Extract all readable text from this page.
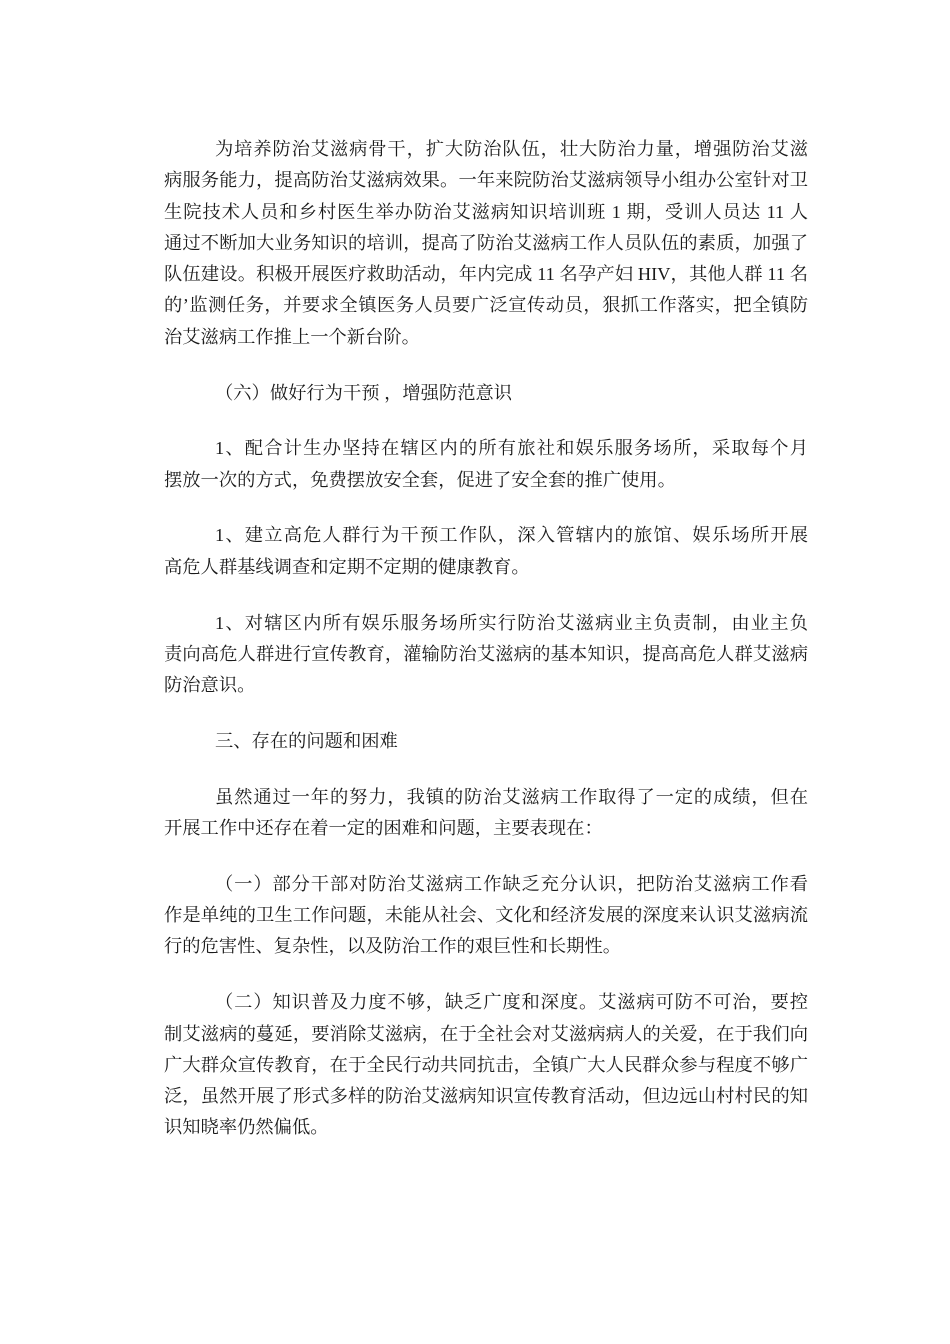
为培养防治艾滋病骨干，扩大防治队伍，壮大防治力量，增强防治艾滋
病服务能力，提高防治艾滋病效果。一年来院防治艾滋病领导小组办公室针对卫
生院技术人员和乡村医生举办防治艾滋病知识培训班 1 期，受训人员达 11 人
通过不断加大业务知识的培训，提高了防治艾滋病工作人员队伍的素质，加强了
队伍建设。积极开展医疗救助活动，年内完成 11 名孕产妇 HIV，其他人群 11 名
的’监测任务，并要求全镇医务人员要广泛宣传动员，狠抓工作落实，把全镇防
治艾滋病工作推上一个新台阶。
（六）做好行为干预 ，增强防范意识
1、配合计生办坚持在辖区内的所有旅社和娱乐服务场所，采取每个月
摆放一次的方式，免费摆放安全套，促进了安全套的推广使用。
1、建立高危人群行为干预工作队，深入管辖内的旅馆、娱乐场所开展
高危人群基线调查和定期不定期的健康教育。
1、对辖区内所有娱乐服务场所实行防治艾滋病业主负责制，由业主负
责向高危人群进行宣传教育，灌输防治艾滋病的基本知识，提高高危人群艾滋病
防治意识。
三、存在的问题和困难
虽然通过一年的努力，我镇的防治艾滋病工作取得了一定的成绩，但在
开展工作中还存在着一定的困难和问题，主要表现在：
（一）部分干部对防治艾滋病工作缺乏充分认识，把防治艾滋病工作看
作是单纯的卫生工作问题，未能从社会、文化和经济发展的深度来认识艾滋病流
行的危害性、复杂性，以及防治工作的艰巨性和长期性。
（二）知识普及力度不够，缺乏广度和深度。艾滋病可防不可治，要控
制艾滋病的蔓延，要消除艾滋病，在于全社会对艾滋病病人的关爱，在于我们向
广大群众宣传教育，在于全民行动共同抗击，全镇广大人民群众参与程度不够广
泛，虽然开展了形式多样的防治艾滋病知识宣传教育活动，但边远山村村民的知
识知晓率仍然偏低。
